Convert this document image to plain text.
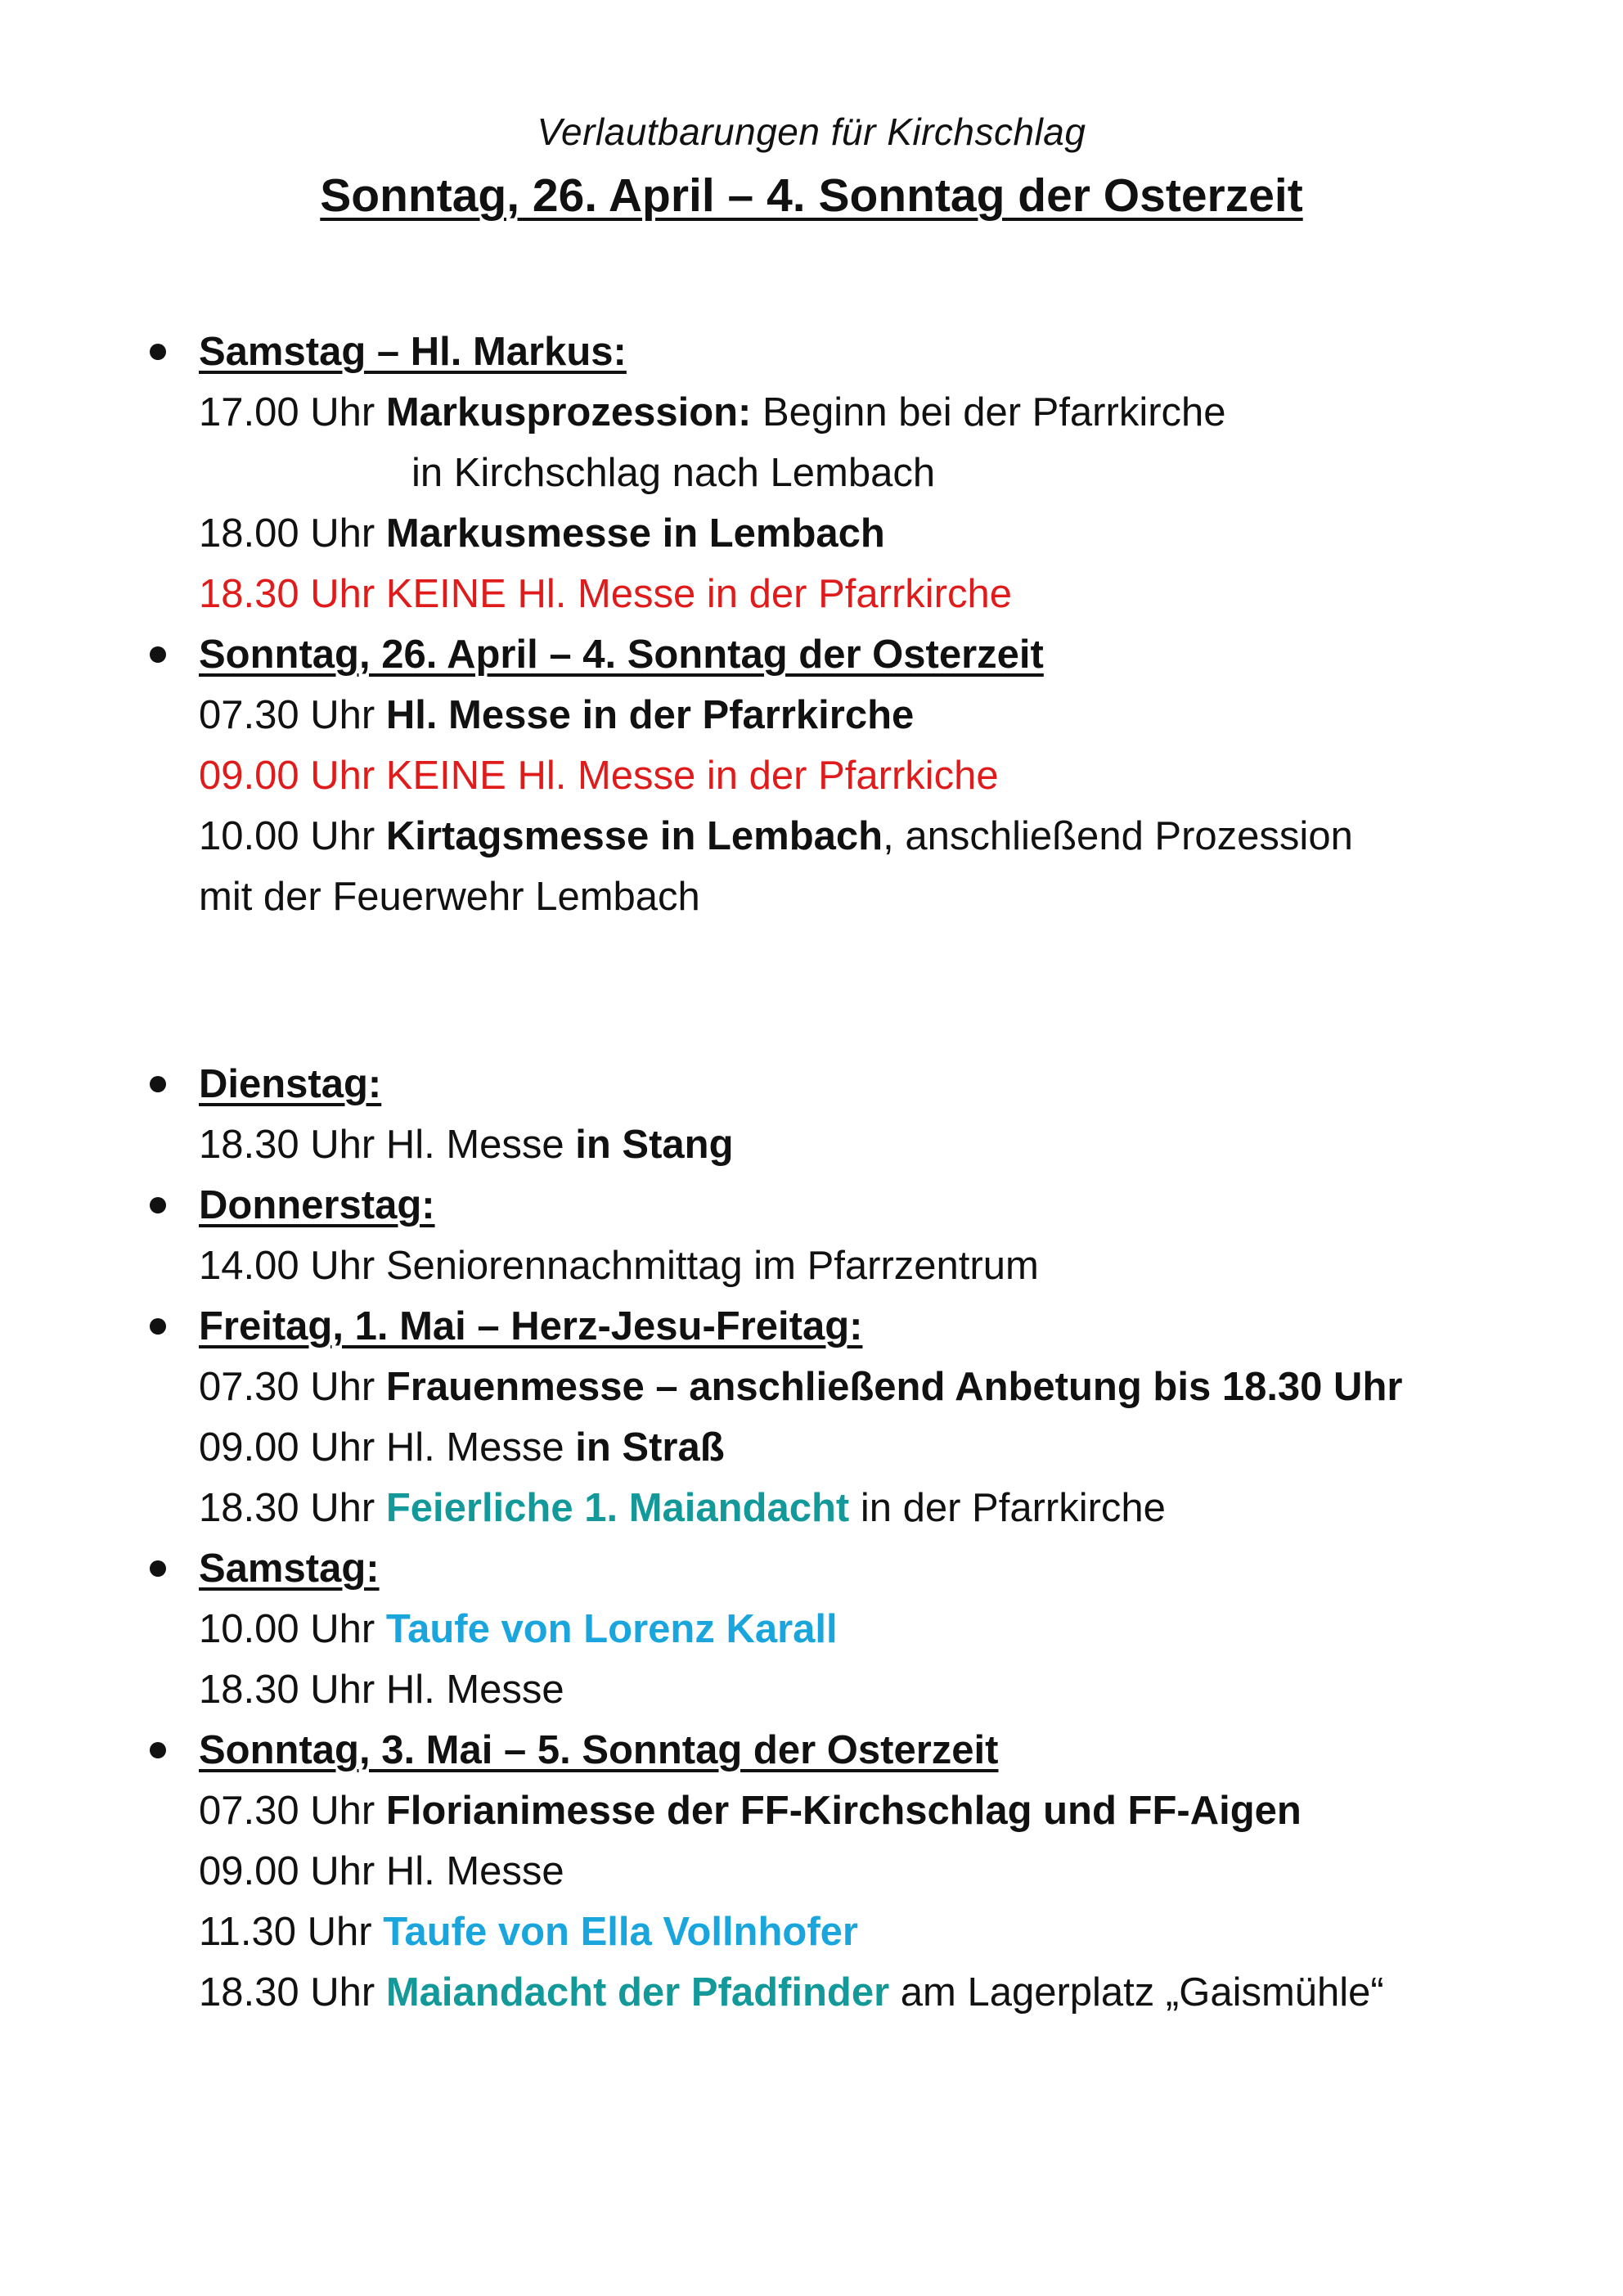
Verlautbarungen für Kirchschlag
Sonntag, 26. April – 4. Sonntag der Osterzeit
Samstag – Hl. Markus:
17.00 Uhr Markusprozession: Beginn bei der Pfarrkirche
in Kirchschlag nach Lembach
18.00 Uhr Markusmesse in Lembach
18.30 Uhr KEINE Hl. Messe in der Pfarrkirche
Sonntag, 26. April – 4. Sonntag der Osterzeit
07.30 Uhr Hl. Messe in der Pfarrkirche
09.00 Uhr KEINE Hl. Messe in der Pfarrkiche
10.00 Uhr Kirtagsmesse in Lembach, anschließend Prozession
mit der Feuerwehr Lembach
Dienstag:
18.30 Uhr Hl. Messe in Stang
Donnerstag:
14.00 Uhr Seniorennachmittag im Pfarrzentrum
Freitag, 1. Mai – Herz-Jesu-Freitag:
07.30 Uhr Frauenmesse – anschließend Anbetung bis 18.30 Uhr
09.00 Uhr Hl. Messe in Straß
18.30 Uhr Feierliche 1. Maiandacht in der Pfarrkirche
Samstag:
10.00 Uhr Taufe von Lorenz Karall
18.30 Uhr Hl. Messe
Sonntag, 3. Mai – 5. Sonntag der Osterzeit
07.30 Uhr Florianimesse der FF-Kirchschlag und FF-Aigen
09.00 Uhr Hl. Messe
11.30 Uhr Taufe von Ella Vollnhofer
18.30 Uhr Maiandacht der Pfadfinder am Lagerplatz „Gaismühle“
